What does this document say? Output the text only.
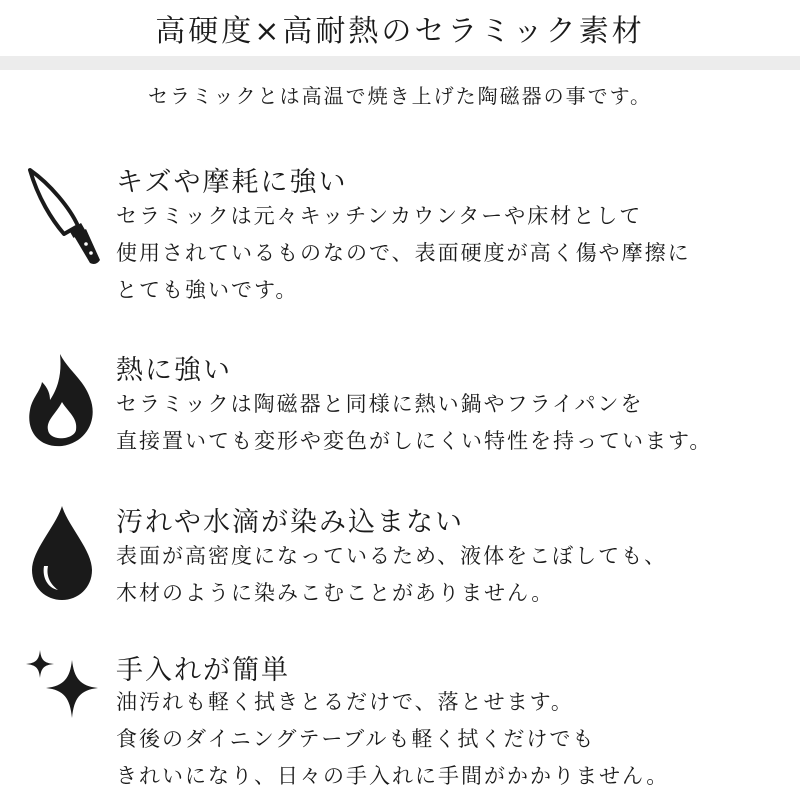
高硬度×高耐熱のセラミック素材
セラミックとは高温で焼き上げた陶磁器の事です。
キズや摩耗に強い
セラミックは元々キッチンカウンターや床材として
使用されているものなので、表面硬度が高く傷や摩擦に
とても強いです。
熱に強い
セラミックは陶磁器と同様に熱い鍋やフライパンを
直接置いても変形や変色がしにくい特性を持っています。
汚れや水滴が染み込まない
表面が高密度になっているため、液体をこぼしても、
木材のように染みこむことがありません。
手入れが簡単
油汚れも軽く拭きとるだけで、落とせます。
食後のダイニングテーブルも軽く拭くだけでも
きれいになり、日々の手入れに手間がかかりません。
